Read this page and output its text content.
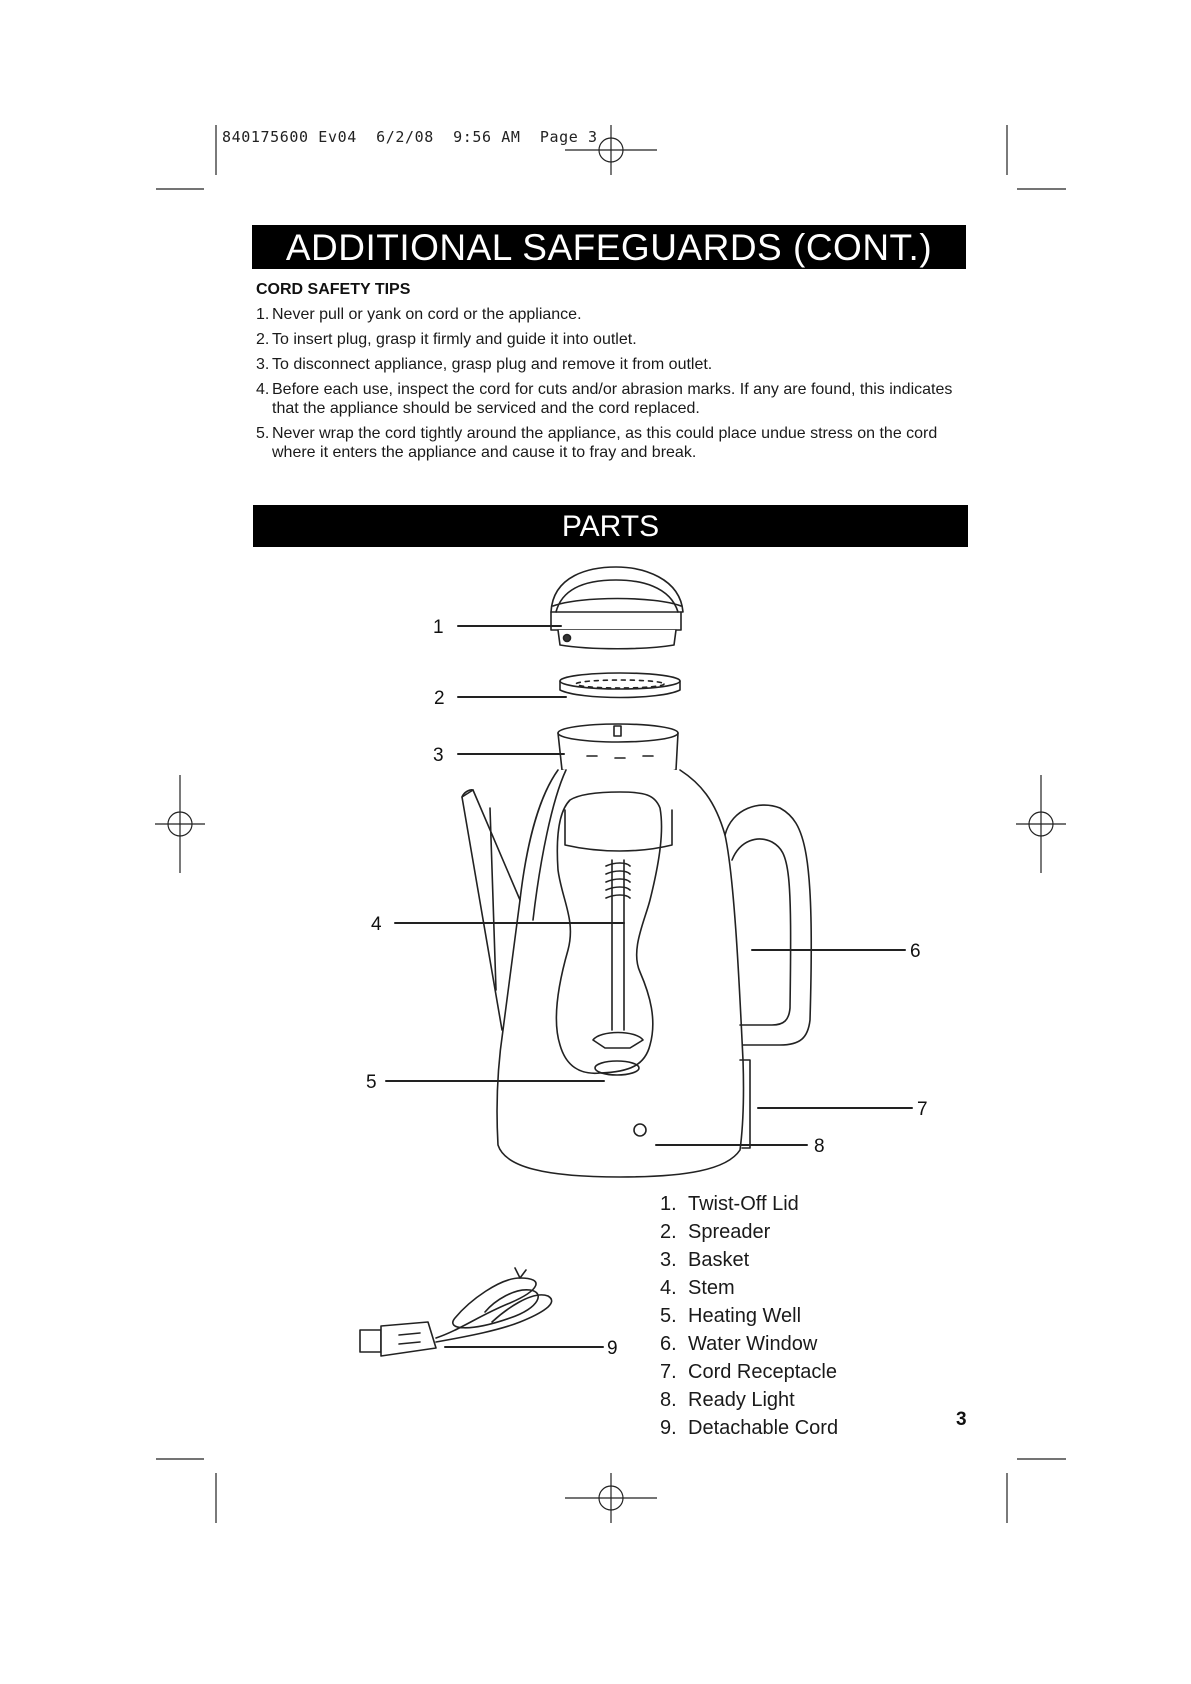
840175600 Ev04  6/2/08  9:56 AM  Page 3
ADDITIONAL SAFEGUARDS (CONT.)
CORD SAFETY TIPS
1. Never pull or yank on cord or the appliance.
2. To insert plug, grasp it firmly and guide it into outlet.
3. To disconnect appliance, grasp plug and remove it from outlet.
4. Before each use, inspect the cord for cuts and/or abrasion marks. If any are found, this indicates that the appliance should be serviced and the cord replaced.
5. Never wrap the cord tightly around the appliance, as this could place undue stress on the cord where it enters the appliance and cause it to fray and break.
PARTS
1
2
3
4
5
6
7
8
9
1. Twist-Off Lid
2. Spreader
3. Basket
4. Stem
5. Heating Well
6. Water Window
7. Cord Receptacle
8. Ready Light
9. Detachable Cord	3
